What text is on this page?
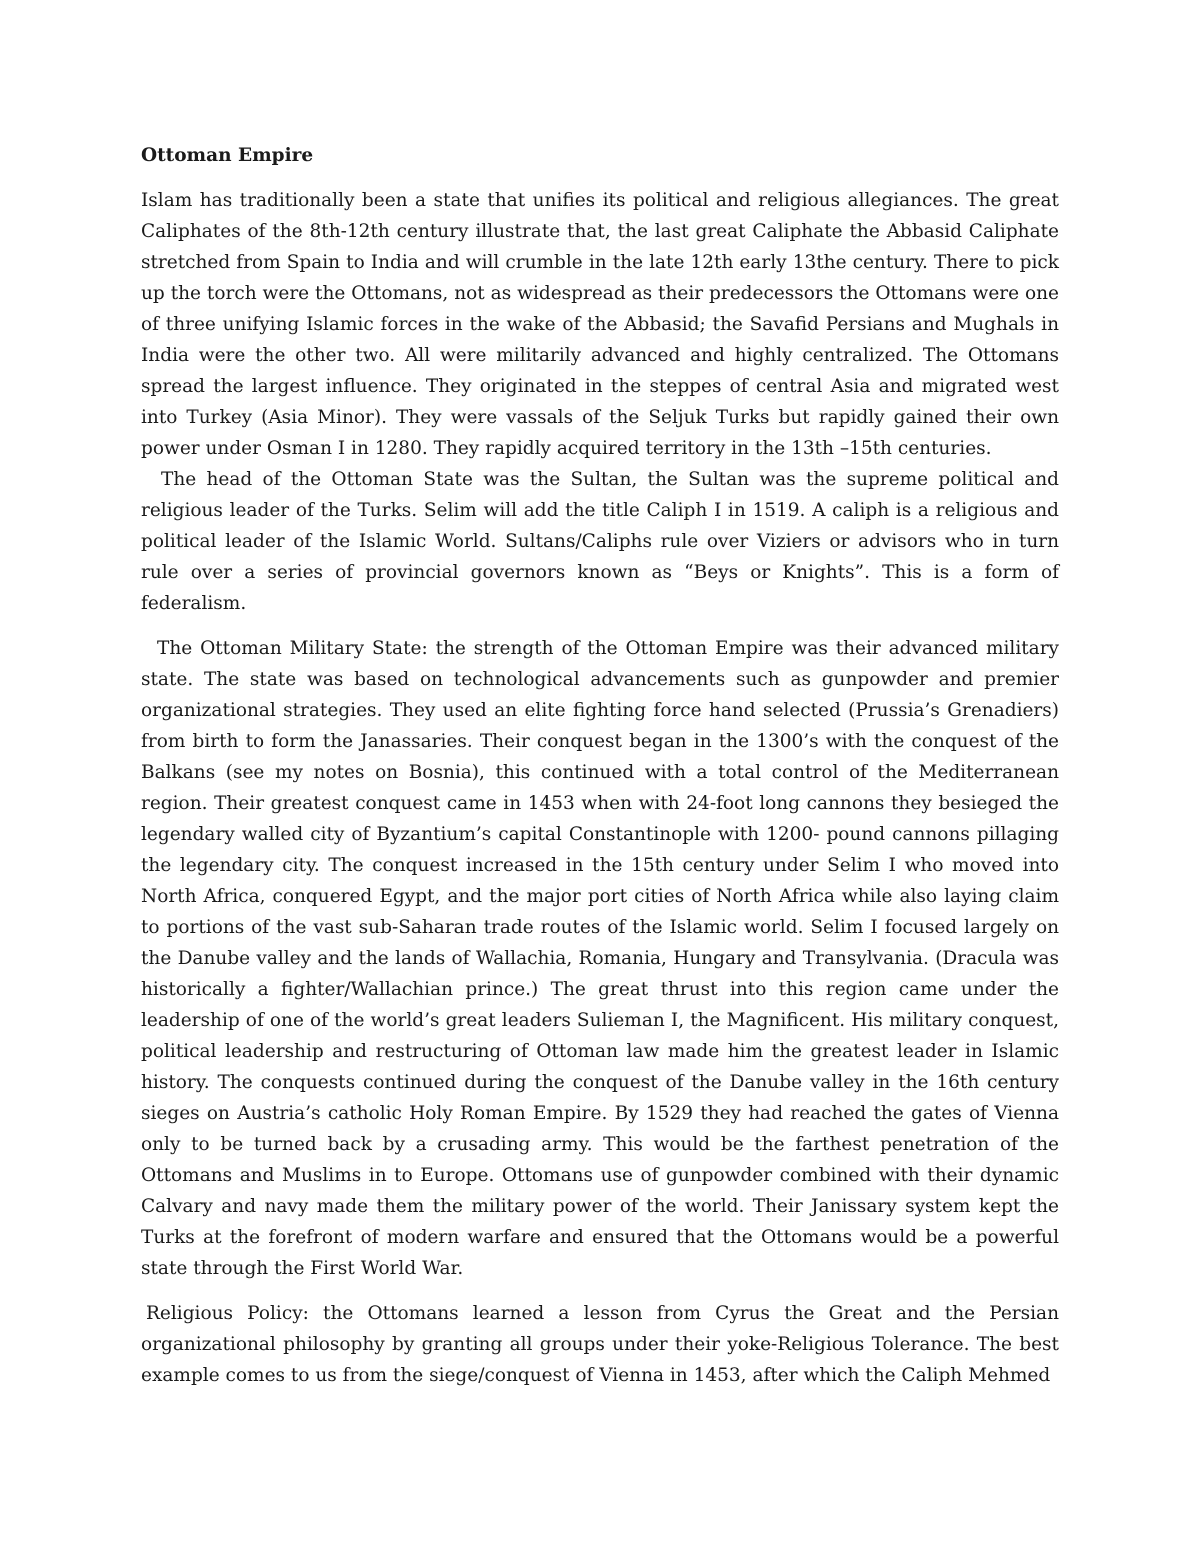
Ottoman Empire

Islam has traditionally been a state that unifies its political and religious allegiances. The great Caliphates of the 8th-12th century illustrate that, the last great Caliphate the Abbasid Caliphate stretched from Spain to India and will crumble in the late 12th early 13the century. There to pick up the torch were the Ottomans, not as widespread as their predecessors the Ottomans were one of three unifying Islamic forces in the wake of the Abbasid; the Savafid Persians and Mughals in India were the other two. All were militarily advanced and highly centralized. The Ottomans spread the largest influence. They originated in the steppes of central Asia and migrated west into Turkey (Asia Minor). They were vassals of the Seljuk Turks but rapidly gained their own power under Osman I in 1280. They rapidly acquired territory in the 13th –15th centuries.

The head of the Ottoman State was the Sultan, the Sultan was the supreme political and religious leader of the Turks. Selim will add the title Caliph I in 1519. A caliph is a religious and political leader of the Islamic World. Sultans/Caliphs rule over Viziers or advisors who in turn rule over a series of provincial governors known as “Beys or Knights”. This is a form of federalism.

The Ottoman Military State: the strength of the Ottoman Empire was their advanced military state. The state was based on technological advancements such as gunpowder and premier organizational strategies. They used an elite fighting force hand selected (Prussia’s Grenadiers) from birth to form the Janassaries. Their conquest began in the 1300’s with the conquest of the Balkans (see my notes on Bosnia), this continued with a total control of the Mediterranean region. Their greatest conquest came in 1453 when with 24-foot long cannons they besieged the legendary walled city of Byzantium’s capital Constantinople with 1200- pound cannons pillaging the legendary city. The conquest increased in the 15th century under Selim I who moved into North Africa, conquered Egypt, and the major port cities of North Africa while also laying claim to portions of the vast sub-Saharan trade routes of the Islamic world. Selim I focused largely on the Danube valley and the lands of Wallachia, Romania, Hungary and Transylvania. (Dracula was historically a fighter/Wallachian prince.) The great thrust into this region came under the leadership of one of the world’s great leaders Sulieman I, the Magnificent. His military conquest, political leadership and restructuring of Ottoman law made him the greatest leader in Islamic history. The conquests continued during the conquest of the Danube valley in the 16th century sieges on Austria’s catholic Holy Roman Empire. By 1529 they had reached the gates of Vienna only to be turned back by a crusading army. This would be the farthest penetration of the Ottomans and Muslims in to Europe. Ottomans use of gunpowder combined with their dynamic Calvary and navy made them the military power of the world. Their Janissary system kept the Turks at the forefront of modern warfare and ensured that the Ottomans would be a powerful state through the First World War.

Religious Policy: the Ottomans learned a lesson from Cyrus the Great and the Persian organizational philosophy by granting all groups under their yoke-Religious Tolerance. The best example comes to us from the siege/conquest of Vienna in 1453, after which the Caliph Mehmed
